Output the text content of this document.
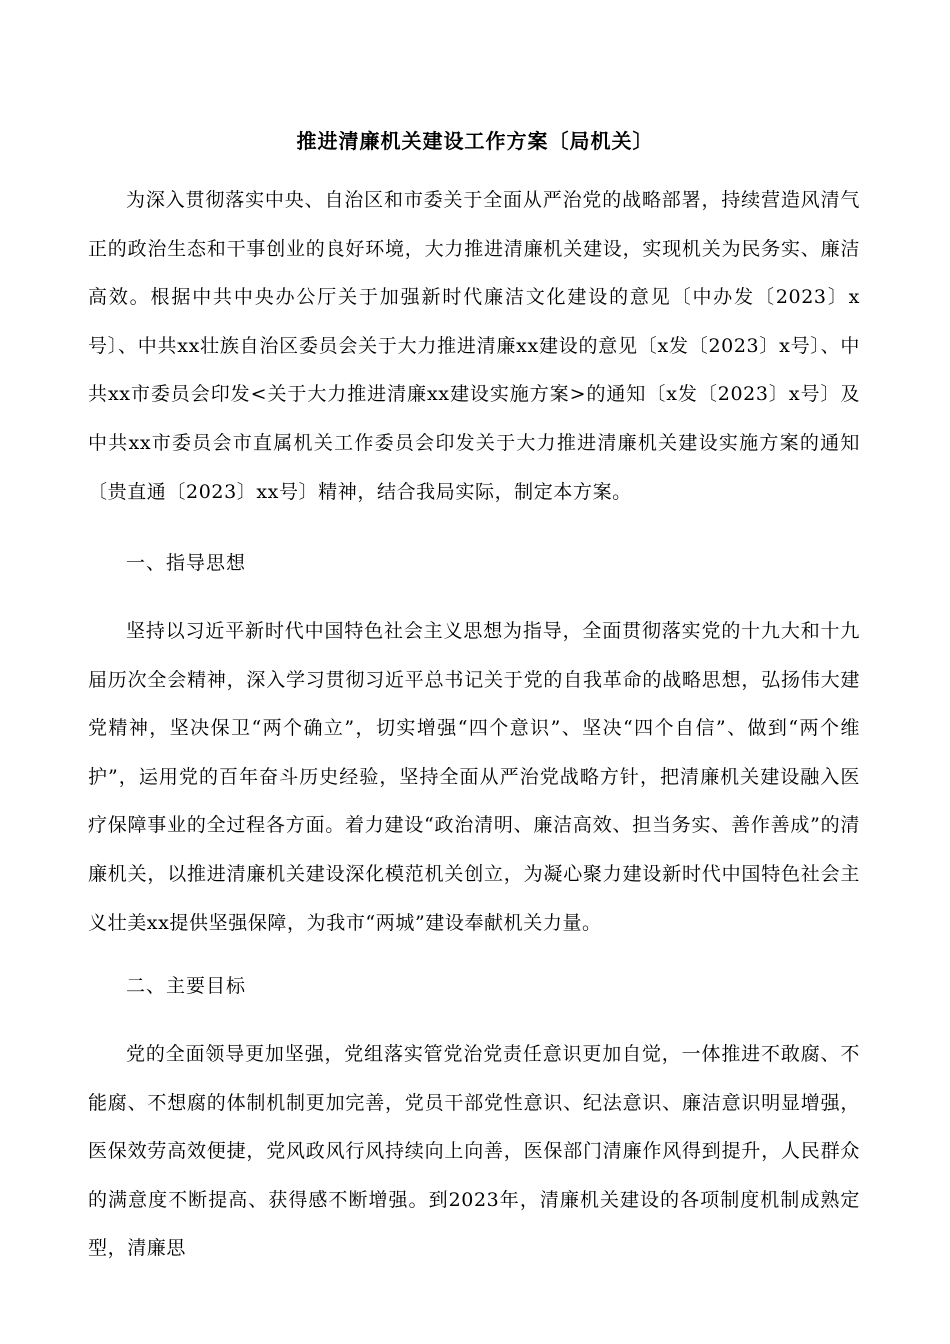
推进清廉机关建设工作方案〔局机关〕

为深入贯彻落实中央、自治区和市委关于全面从严治党的战略部署，持续营造风清气正的政治生态和干事创业的良好环境，大力推进清廉机关建设，实现机关为民务实、廉洁高效。根据中共中央办公厅关于加强新时代廉洁文化建设的意见〔中办发〔2023〕x号〕、中共xx壮族自治区委员会关于大力推进清廉xx建设的意见〔x发〔2023〕x号〕、中共xx市委员会印发<关于大力推进清廉xx建设实施方案>的通知〔x发〔2023〕x号〕及中共xx市委员会市直属机关工作委员会印发关于大力推进清廉机关建设实施方案的通知〔贵直通〔2023〕xx号〕精神，结合我局实际，制定本方案。

一、指导思想

坚持以习近平新时代中国特色社会主义思想为指导，全面贯彻落实党的十九大和十九届历次全会精神，深入学习贯彻习近平总书记关于党的自我革命的战略思想，弘扬伟大建党精神，坚决保卫“两个确立”，切实增强“四个意识”、坚决“四个自信”、做到“两个维护”，运用党的百年奋斗历史经验，坚持全面从严治党战略方针，把清廉机关建设融入医疗保障事业的全过程各方面。着力建设“政治清明、廉洁高效、担当务实、善作善成”的清廉机关，以推进清廉机关建设深化模范机关创立，为凝心聚力建设新时代中国特色社会主义壮美xx提供坚强保障，为我市“两城”建设奉献机关力量。

二、主要目标

党的全面领导更加坚强，党组落实管党治党责任意识更加自觉，一体推进不敢腐、不能腐、不想腐的体制机制更加完善，党员干部党性意识、纪法意识、廉洁意识明显增强，医保效劳高效便捷，党风政风行风持续向上向善，医保部门清廉作风得到提升，人民群众的满意度不断提高、获得感不断增强。到2023年，清廉机关建设的各项制度机制成熟定型，清廉思
